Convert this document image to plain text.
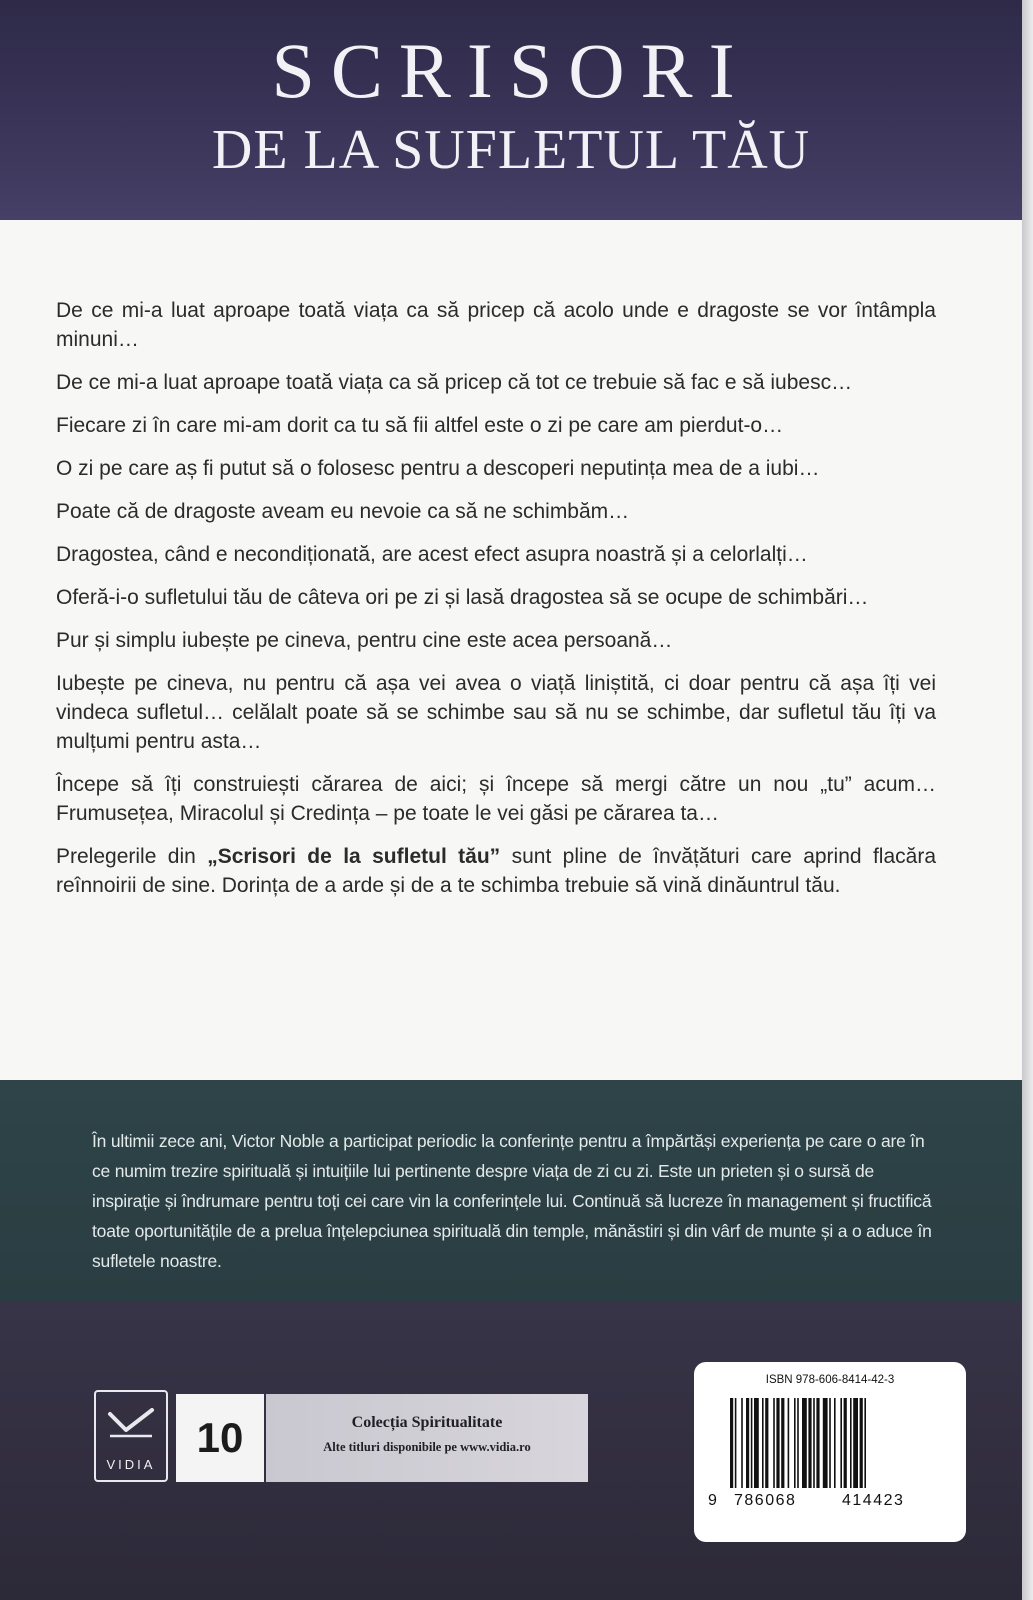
SCRISORI
DE LA SUFLETUL TĂU

De ce mi-a luat aproape toată viața ca să pricep că acolo unde e dragoste se vor întâmpla minuni…

De ce mi-a luat aproape toată viața ca să pricep că tot ce trebuie să fac e să iubesc…

Fiecare zi în care mi-am dorit ca tu să fii altfel este o zi pe care am pierdut-o…

O zi pe care aș fi putut să o folosesc pentru a descoperi neputința mea de a iubi…

Poate că de dragoste aveam eu nevoie ca să ne schimbăm…

Dragostea, când e necondiționată, are acest efect asupra noastră și a celorlalți…

Oferă-i-o sufletului tău de câteva ori pe zi și lasă dragostea să se ocupe de schimbări…

Pur și simplu iubește pe cineva, pentru cine este acea persoană…

Iubește pe cineva, nu pentru că așa vei avea o viață liniștită, ci doar pentru că așa îți vei vindeca sufletul… celălalt poate să se schimbe sau să nu se schimbe, dar sufletul tău îți va mulțumi pentru asta…

Începe să îți construiești cărarea de aici; și începe să mergi către un nou „tu” acum… Frumusețea, Miracolul și Credința – pe toate le vei găsi pe cărarea ta…

Prelegerile din „Scrisori de la sufletul tău” sunt pline de învățături care aprind flacăra reînnoirii de sine. Dorința de a arde și de a te schimba trebuie să vină dinăuntrul tău.

În ultimii zece ani, Victor Noble a participat periodic la conferințe pentru a împărtăși experiența pe care o are în ce numim trezire spirituală și intuițiile lui pertinente despre viața de zi cu zi. Este un prieten și o sursă de inspirație și îndrumare pentru toți cei care vin la conferințele lui. Continuă să lucreze în management și fructifică toate oportunitățile de a prelua înțelepciunea spirituală din temple, mănăstiri și din vârf de munte și a o aduce în sufletele noastre.
VIDIA
10	Colecția Spiritualitate
Alte titluri disponibile pe www.vidia.ro
ISBN 978-606-8414-42-3
9 786068	414423
